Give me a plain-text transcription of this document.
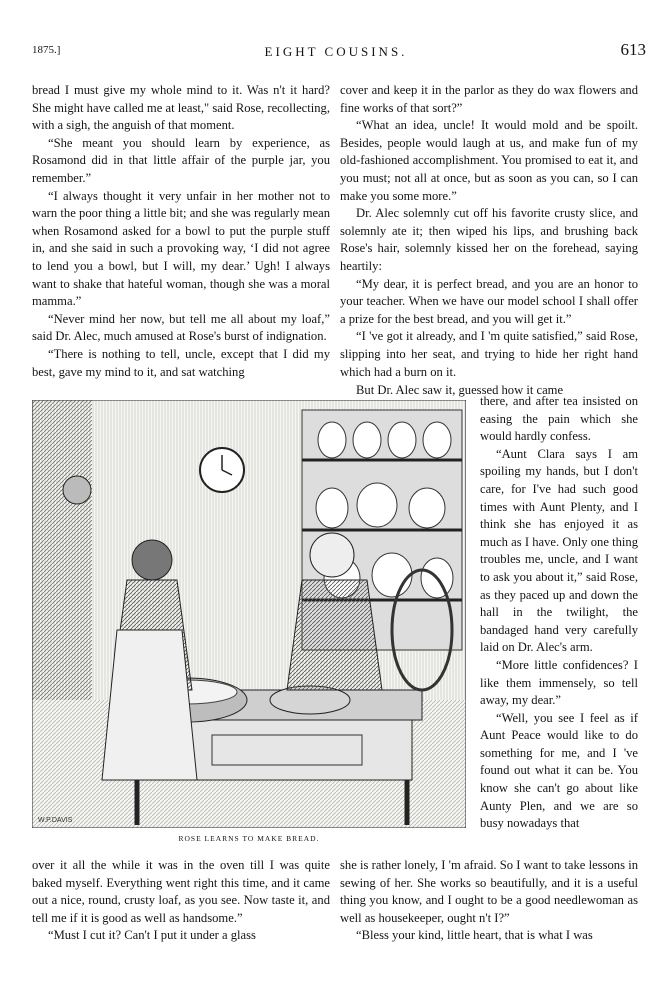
1875.]	EIGHT COUSINS.	613

bread I must give my whole mind to it. Was n't it hard? She might have called me at least," said Rose, recollecting, with a sigh, the anguish of that moment.

“She meant you should learn by experience, as Rosamond did in that little affair of the purple jar, you remember.”

“I always thought it very unfair in her mother not to warn the poor thing a little bit; and she was regularly mean when Rosamond asked for a bowl to put the purple stuff in, and she said in such a provoking way, ‘I did not agree to lend you a bowl, but I will, my dear.’ Ugh! I always want to shake that hateful woman, though she was a moral mamma.”

“Never mind her now, but tell me all about my loaf,” said Dr. Alec, much amused at Rose's burst of indignation.

“There is nothing to tell, uncle, except that I did my best, gave my mind to it, and sat watching

cover and keep it in the parlor as they do wax flowers and fine works of that sort?”

“What an idea, uncle! It would mold and be spoilt. Besides, people would laugh at us, and make fun of my old-fashioned accomplishment. You promised to eat it, and you must; not all at once, but as soon as you can, so I can make you some more.”

Dr. Alec solemnly cut off his favorite crusty slice, and solemnly ate it; then wiped his lips, and brushing back Rose's hair, solemnly kissed her on the forehead, saying heartily:

“My dear, it is perfect bread, and you are an honor to your teacher. When we have our model school I shall offer a prize for the best bread, and you will get it.”

“I 've got it already, and I 'm quite satisfied,” said Rose, slipping into her seat, and trying to hide her right hand which had a burn on it.

But Dr. Alec saw it, guessed how it came
W.P.DAVIS
ROSE LEARNS TO MAKE BREAD.

there, and after tea insisted on easing the pain which she would hardly confess.

“Aunt Clara says I am spoiling my hands, but I don't care, for I've had such good times with Aunt Plenty, and I think she has enjoyed it as much as I have. Only one thing troubles me, uncle, and I want to ask you about it,” said Rose, as they paced up and down the hall in the twilight, the bandaged hand very carefully laid on Dr. Alec's arm.

“More little confidences? I like them immensely, so tell away, my dear.”

“Well, you see I feel as if Aunt Peace would like to do something for me, and I 've found out what it can be. You know she can't go about like Aunty Plen, and we are so busy nowadays that

over it all the while it was in the oven till I was quite baked myself. Everything went right this time, and it came out a nice, round, crusty loaf, as you see. Now taste it, and tell me if it is good as well as handsome.”

“Must I cut it? Can't I put it under a glass

she is rather lonely, I 'm afraid. So I want to take lessons in sewing of her. She works so beautifully, and it is a useful thing you know, and I ought to be a good needlewoman as well as housekeeper, ought n't I?”

“Bless your kind, little heart, that is what I was
